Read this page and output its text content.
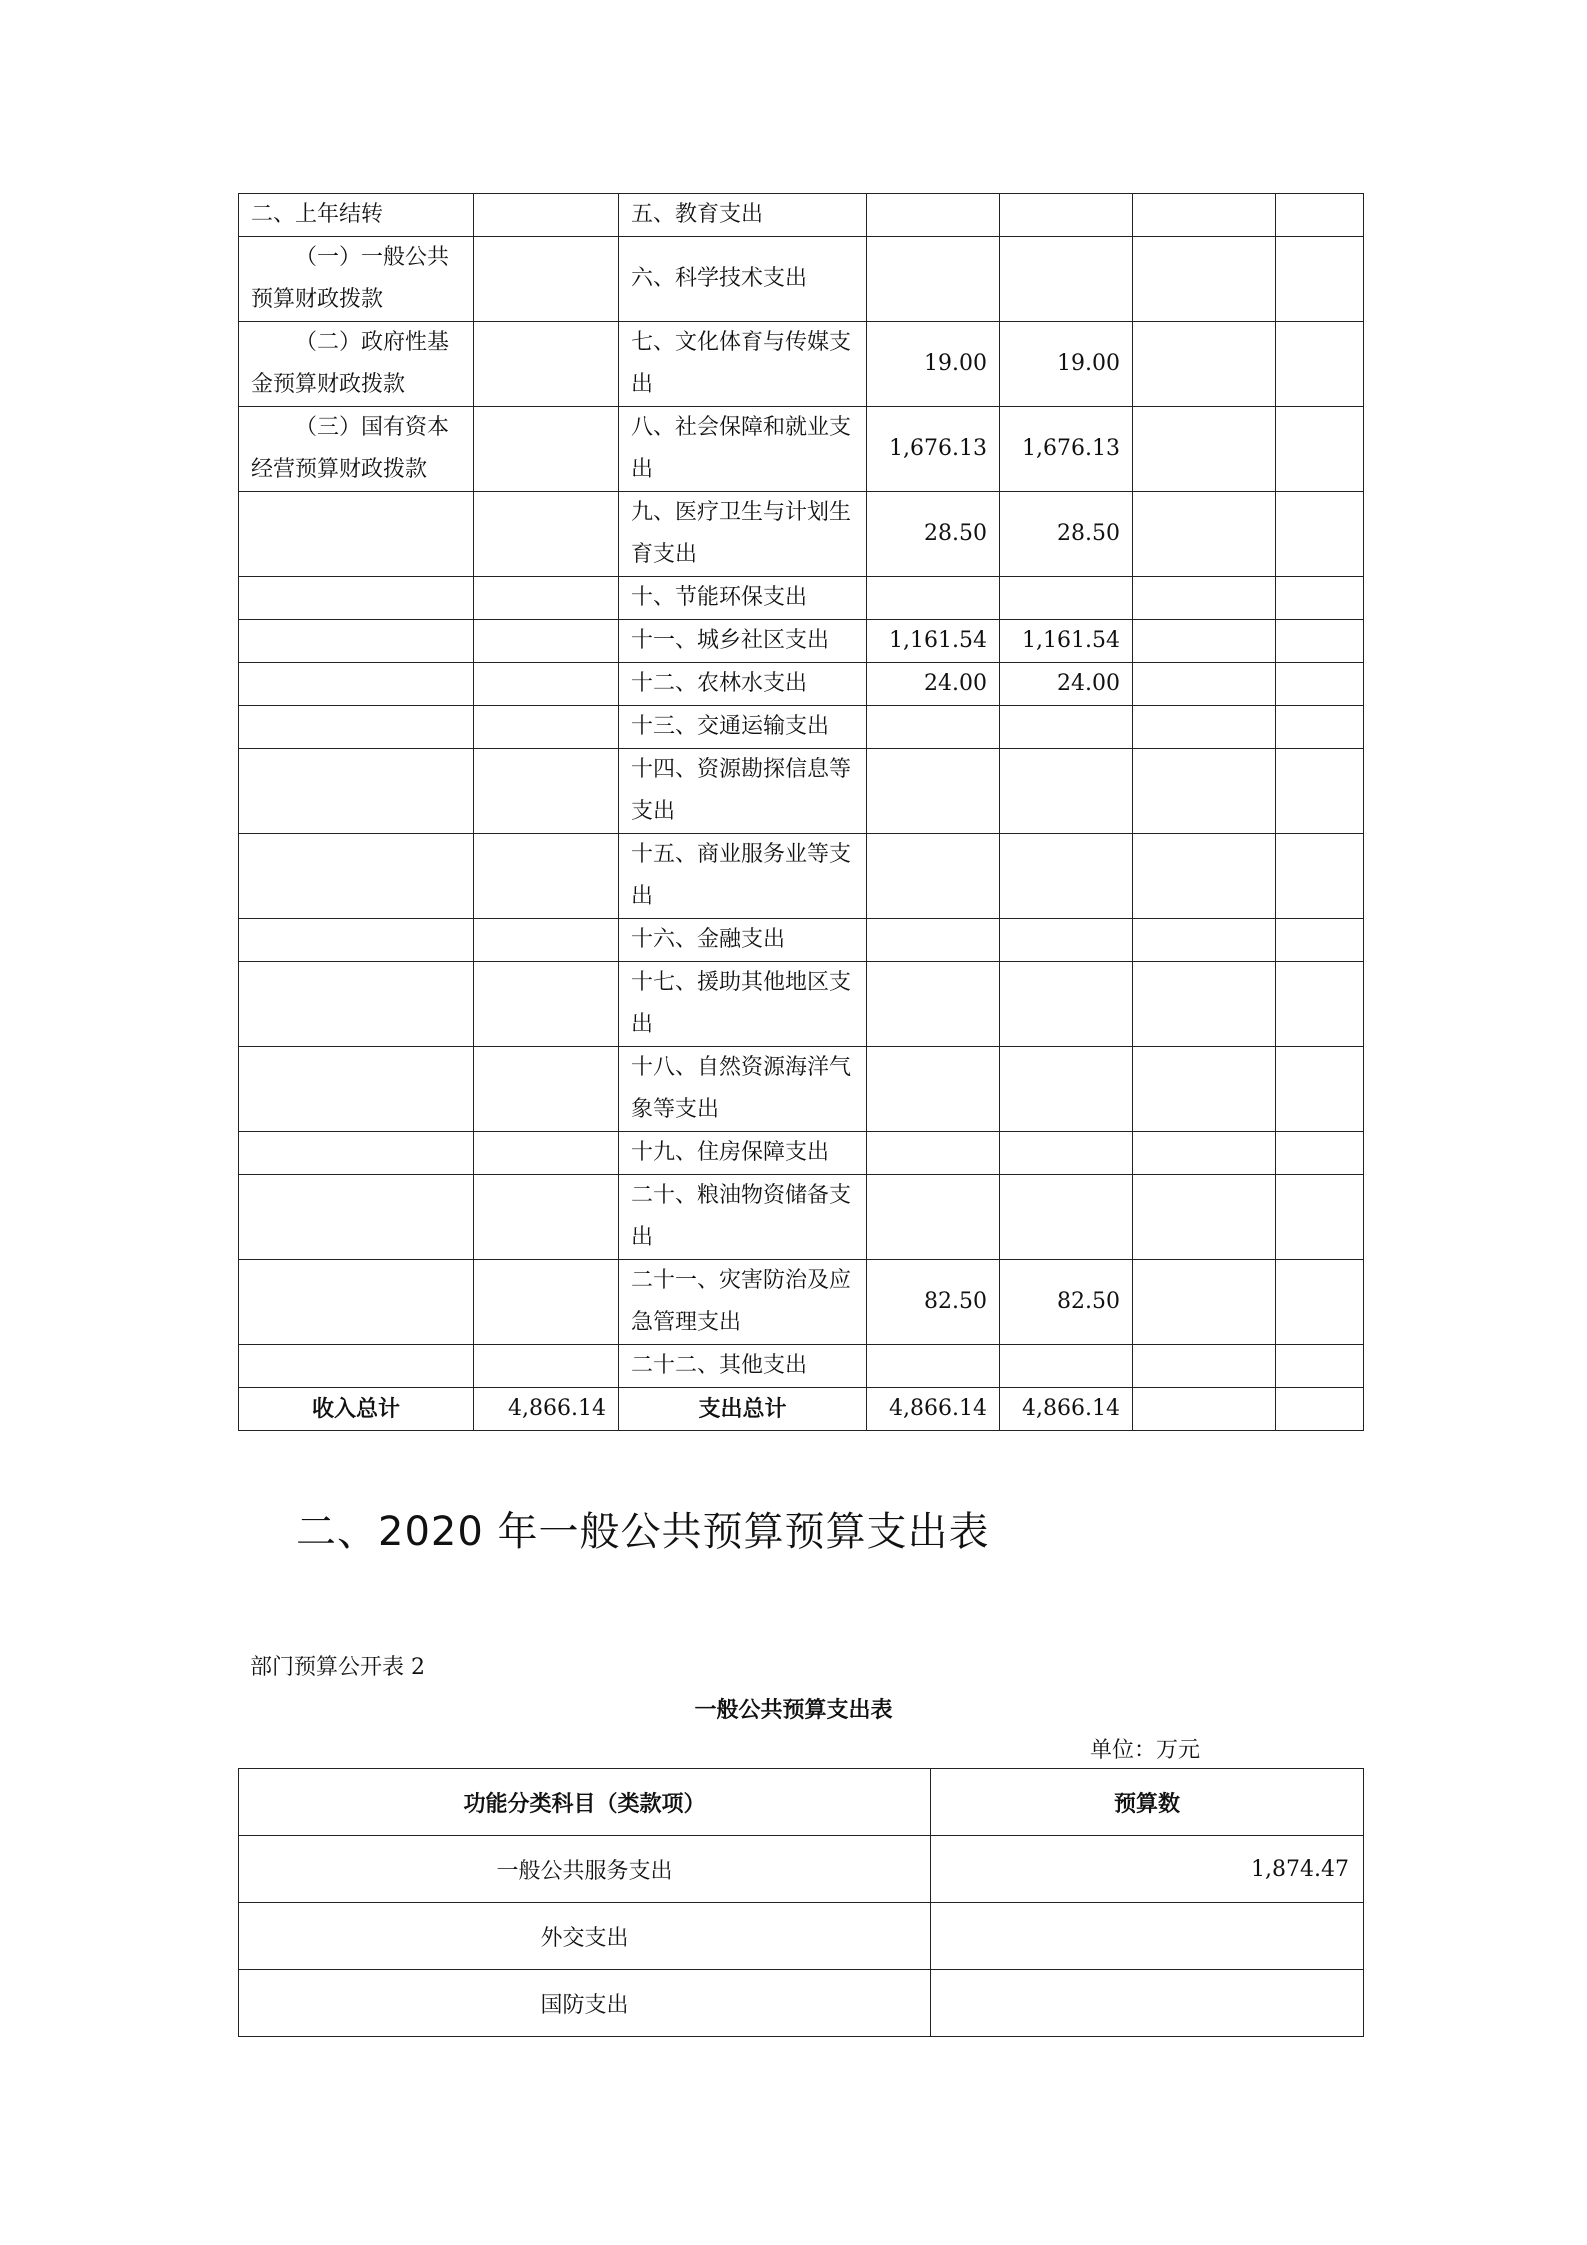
二、上年结转		五、教育支出				
（一）一般公共预算财政拨款		六、科学技术支出				
（二）政府性基金预算财政拨款		七、文化体育与传媒支出	19.00	19.00		
（三）国有资本经营预算财政拨款		八、社会保障和就业支出	1,676.13	1,676.13		
		九、医疗卫生与计划生育支出	28.50	28.50		
		十、节能环保支出				
		十一、城乡社区支出	1,161.54	1,161.54		
		十二、农林水支出	24.00	24.00		
		十三、交通运输支出				
		十四、资源勘探信息等支出				
		十五、商业服务业等支出				
		十六、金融支出				
		十七、援助其他地区支出				
		十八、自然资源海洋气象等支出				
		十九、住房保障支出				
		二十、粮油物资储备支出				
		二十一、灾害防治及应急管理支出	82.50	82.50		
		二十二、其他支出				
收入总计	4,866.14	支出总计	4,866.14	4,866.14		
二、2020 年一般公共预算预算支出表
部门预算公开表 2
一般公共预算支出表
单位：万元
功能分类科目（类款项）	预算数
一般公共服务支出	1,874.47
外交支出	
国防支出	
